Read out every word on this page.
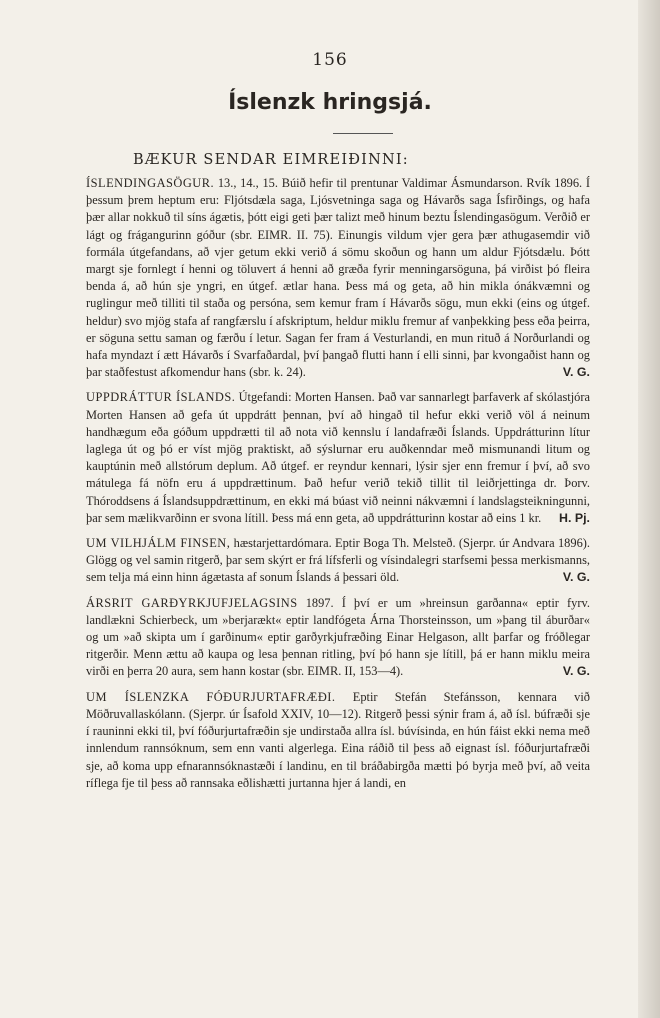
156
Íslenzk hringsjá.
BÆKUR SENDAR EIMREIÐINNI:

ÍSLENDINGASÖGUR. 13., 14., 15. Búið hefir til prentunar Valdimar Ásmundarson. Rvík 1896. Í þessum þrem heptum eru: Fljótsdæla saga, Ljósvetninga saga og Hávarðs saga Ísfirðings, og hafa þær allar nokkuð til síns ágætis, þótt eigi geti þær talizt með hinum beztu Íslendingasögum. Verðið er lágt og frágangurinn góður (sbr. EIMR. II. 75). Einungis vildum vjer gera þær athugasemdir við formála útgefandans, að vjer getum ekki verið á sömu skoðun og hann um aldur Fjótsdælu. Þótt margt sje fornlegt í henni og töluvert á henni að græða fyrir menningarsöguna, þá virðist þó fleira benda á, að hún sje yngri, en útgef. ætlar hana. Þess má og geta, að hin mikla ónákvæmni og ruglingur með tilliti til staða og persóna, sem kemur fram í Hávarðs sögu, mun ekki (eins og útgef. heldur) svo mjög stafa af rangfærslu í afskriptum, heldur miklu fremur af vanþekking þess eða þeirra, er söguna settu saman og færðu í letur. Sagan fer fram á Vesturlandi, en mun rituð á Norðurlandi og hafa myndazt í ætt Hávarðs í Svarfaðardal, því þangað flutti hann í elli sinni, þar kvongaðist hann og þar staðfestust afkomendur hans (sbr. k. 24).	V. G.

UPPDRÁTTUR ÍSLANDS. Útgefandi: Morten Hansen. Það var sannarlegt þarfaverk af skólastjóra Morten Hansen að gefa út uppdrátt þennan, því að hingað til hefur ekki verið völ á neinum handhægum eða góðum uppdrætti til að nota við kennslu í landafræði Íslands. Uppdrátturinn lítur laglega út og þó er víst mjög praktiskt, að sýslurnar eru auðkenndar með mismunandi litum og kauptúnin með allstórum deplum. Að útgef. er reyndur kennari, lýsir sjer enn fremur í því, að svo mátulega fá nöfn eru á uppdrættinum. Það hefur verið tekið tillit til leiðrjettinga dr. Þorv. Thóroddsens á Íslandsuppdrættinum, en ekki má búast við neinni nákvæmni í landslagsteikningunni, þar sem mælikvarðinn er svona lítill. Þess má enn geta, að uppdrátturinn kostar að eins 1 kr. H. Pj.

UM VILHJÁLM FINSEN, hæstarjettardómara. Eptir Boga Th. Melsteð. (Sjerpr. úr Andvara 1896). Glögg og vel samin ritgerð, þar sem skýrt er frá lífsferli og vísindalegri starfsemi þessa merkismanns, sem telja má einn hinn ágætasta af sonum Íslands á þessari öld.	V. G.

ÁRSRIT GARÐYRKJUFJELAGSINS 1897. Í því er um »hreinsun garðanna« eptir fyrv. landlækni Schierbeck, um »berjarækt« eptir landfógeta Árna Thorsteinsson, um »þang til áburðar« og um »að skipta um í garðinum« eptir garðyrkjufræðing Einar Helgason, allt þarfar og fróðlegar ritgerðir. Menn ættu að kaupa og lesa þennan ritling, því þó hann sje lítill, þá er hann miklu meira virði en þerra 20 aura, sem hann kostar (sbr. EIMR. II, 153—4).	V. G.

UM ÍSLENZKA FÓÐURJURTAFRÆÐI. Eptir Stefán Stefánsson, kennara við Möðruvallaskólann. (Sjerpr. úr Ísafold XXIV, 10—12). Ritgerð þessi sýnir fram á, að ísl. búfræði sje í rauninni ekki til, því fóðurjurtafræðin sje undirstaða allra ísl. búvísinda, en hún fáist ekki nema með innlendum rannsóknum, sem enn vanti algerlega. Eina ráðið til þess að eignast ísl. fóðurjurtafræði sje, að koma upp efnarannsóknastæði í landinu, en til bráðabirgða mætti þó byrja með því, að veita ríflega fje til þess að rannsaka eðlishætti jurtanna hjer á landi, en
